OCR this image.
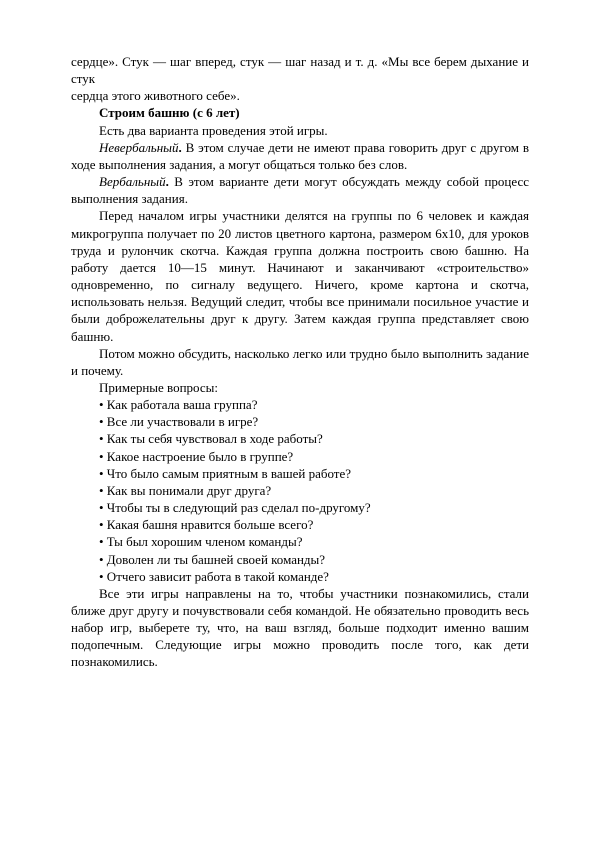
сердце». Стук — шаг вперед, стук — шаг назад и т. д. «Мы все берем дыхание и стук

сердца этого животного себе».

Строим башню (с 6 лет)

Есть два варианта проведения этой игры.

Невербальный. В этом случае дети не имеют права говорить друг с другом в ходе выполнения задания, а могут общаться только без слов.

Вербальный. В этом варианте дети могут обсуждать между собой процесс выполнения задания.

Перед началом игры участники делятся на группы по 6 человек и каждая микрогруппа получает по 20 листов цветного картона, размером 6х10, для уроков труда и рулончик скотча. Каждая группа должна построить свою башню. На работу дается 10—15 минут. Начинают и заканчивают «строительство» одновременно, по сигналу ведущего. Ничего, кроме картона и скотча, использовать нельзя. Ведущий следит, чтобы все принимали посильное участие и были доброжелательны друг к другу. Затем каждая группа представляет свою башню.

Потом можно обсудить, насколько легко или трудно было выполнить задание и почему.

Примерные вопросы:

• Как работала ваша группа?

• Все ли участвовали в игре?

• Как ты себя чувствовал в ходе работы?

• Какое настроение было в группе?

• Что было самым приятным в вашей работе?

• Как вы понимали друг друга?

• Чтобы ты в следующий раз сделал по-другому?

• Какая башня нравится больше всего?

• Ты был хорошим членом команды?

• Доволен ли ты башней своей команды?

• Отчего зависит работа в такой команде?

Все эти игры направлены на то, чтобы участники познакомились, стали ближе друг другу и почувствовали себя командой. Не обязательно проводить весь набор игр, выберете ту, что, на ваш взгляд, больше подходит именно вашим подопечным. Следующие игры можно проводить после того, как дети познакомились.
